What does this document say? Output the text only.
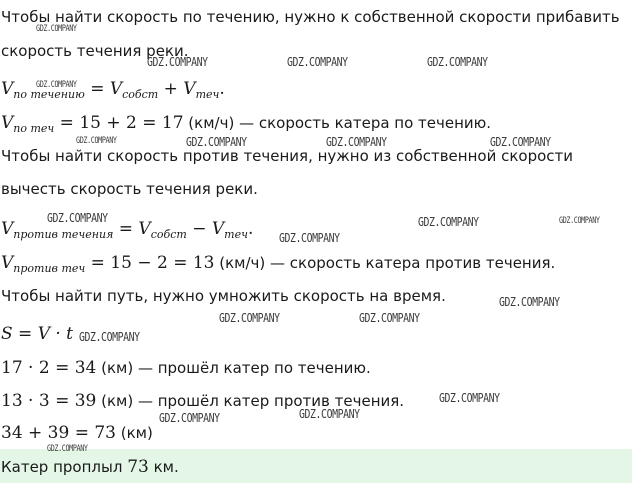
Чтобы найти скорость по течению, нужно к собственной скорости прибавить
скорость течения реки.
$V_{по течению} = V_{собст} + V_{теч}$.
$V_{по теч} = 15 + 2 = 17$ (км/ч) — скорость катера по течению.
Чтобы найти скорость против течения, нужно из собственной скорости
вычесть скорость течения реки.
$V_{против течения} = V_{собст} - V_{теч}$.
$V_{против теч} = 15 - 2 = 13$ (км/ч) — скорость катера против течения.
Чтобы найти путь, нужно умножить скорость на время.
S = V · t
17 · 2 = 34 (км) — прошёл катер по течению.
13 · 3 = 39 (км) — прошёл катер против течения.
34 + 39 = 73 (км)
Катер проплыл 73 км.
GDZ.COMPANY
GDZ.COMPANY	GDZ.COMPANY	GDZ.COMPANY
GDZ.COMPANY
GDZ.COMPANY	GDZ.COMPANY	GDZ.COMPANY	GDZ.COMPANY
GDZ.COMPANY	GDZ.COMPANY	GDZ.COMPANY
GDZ.COMPANY
GDZ.COMPANY
GDZ.COMPANY	GDZ.COMPANY
GDZ.COMPANY
GDZ.COMPANY
GDZ.COMPANY
GDZ.COMPANY
GDZ.COMPANY
